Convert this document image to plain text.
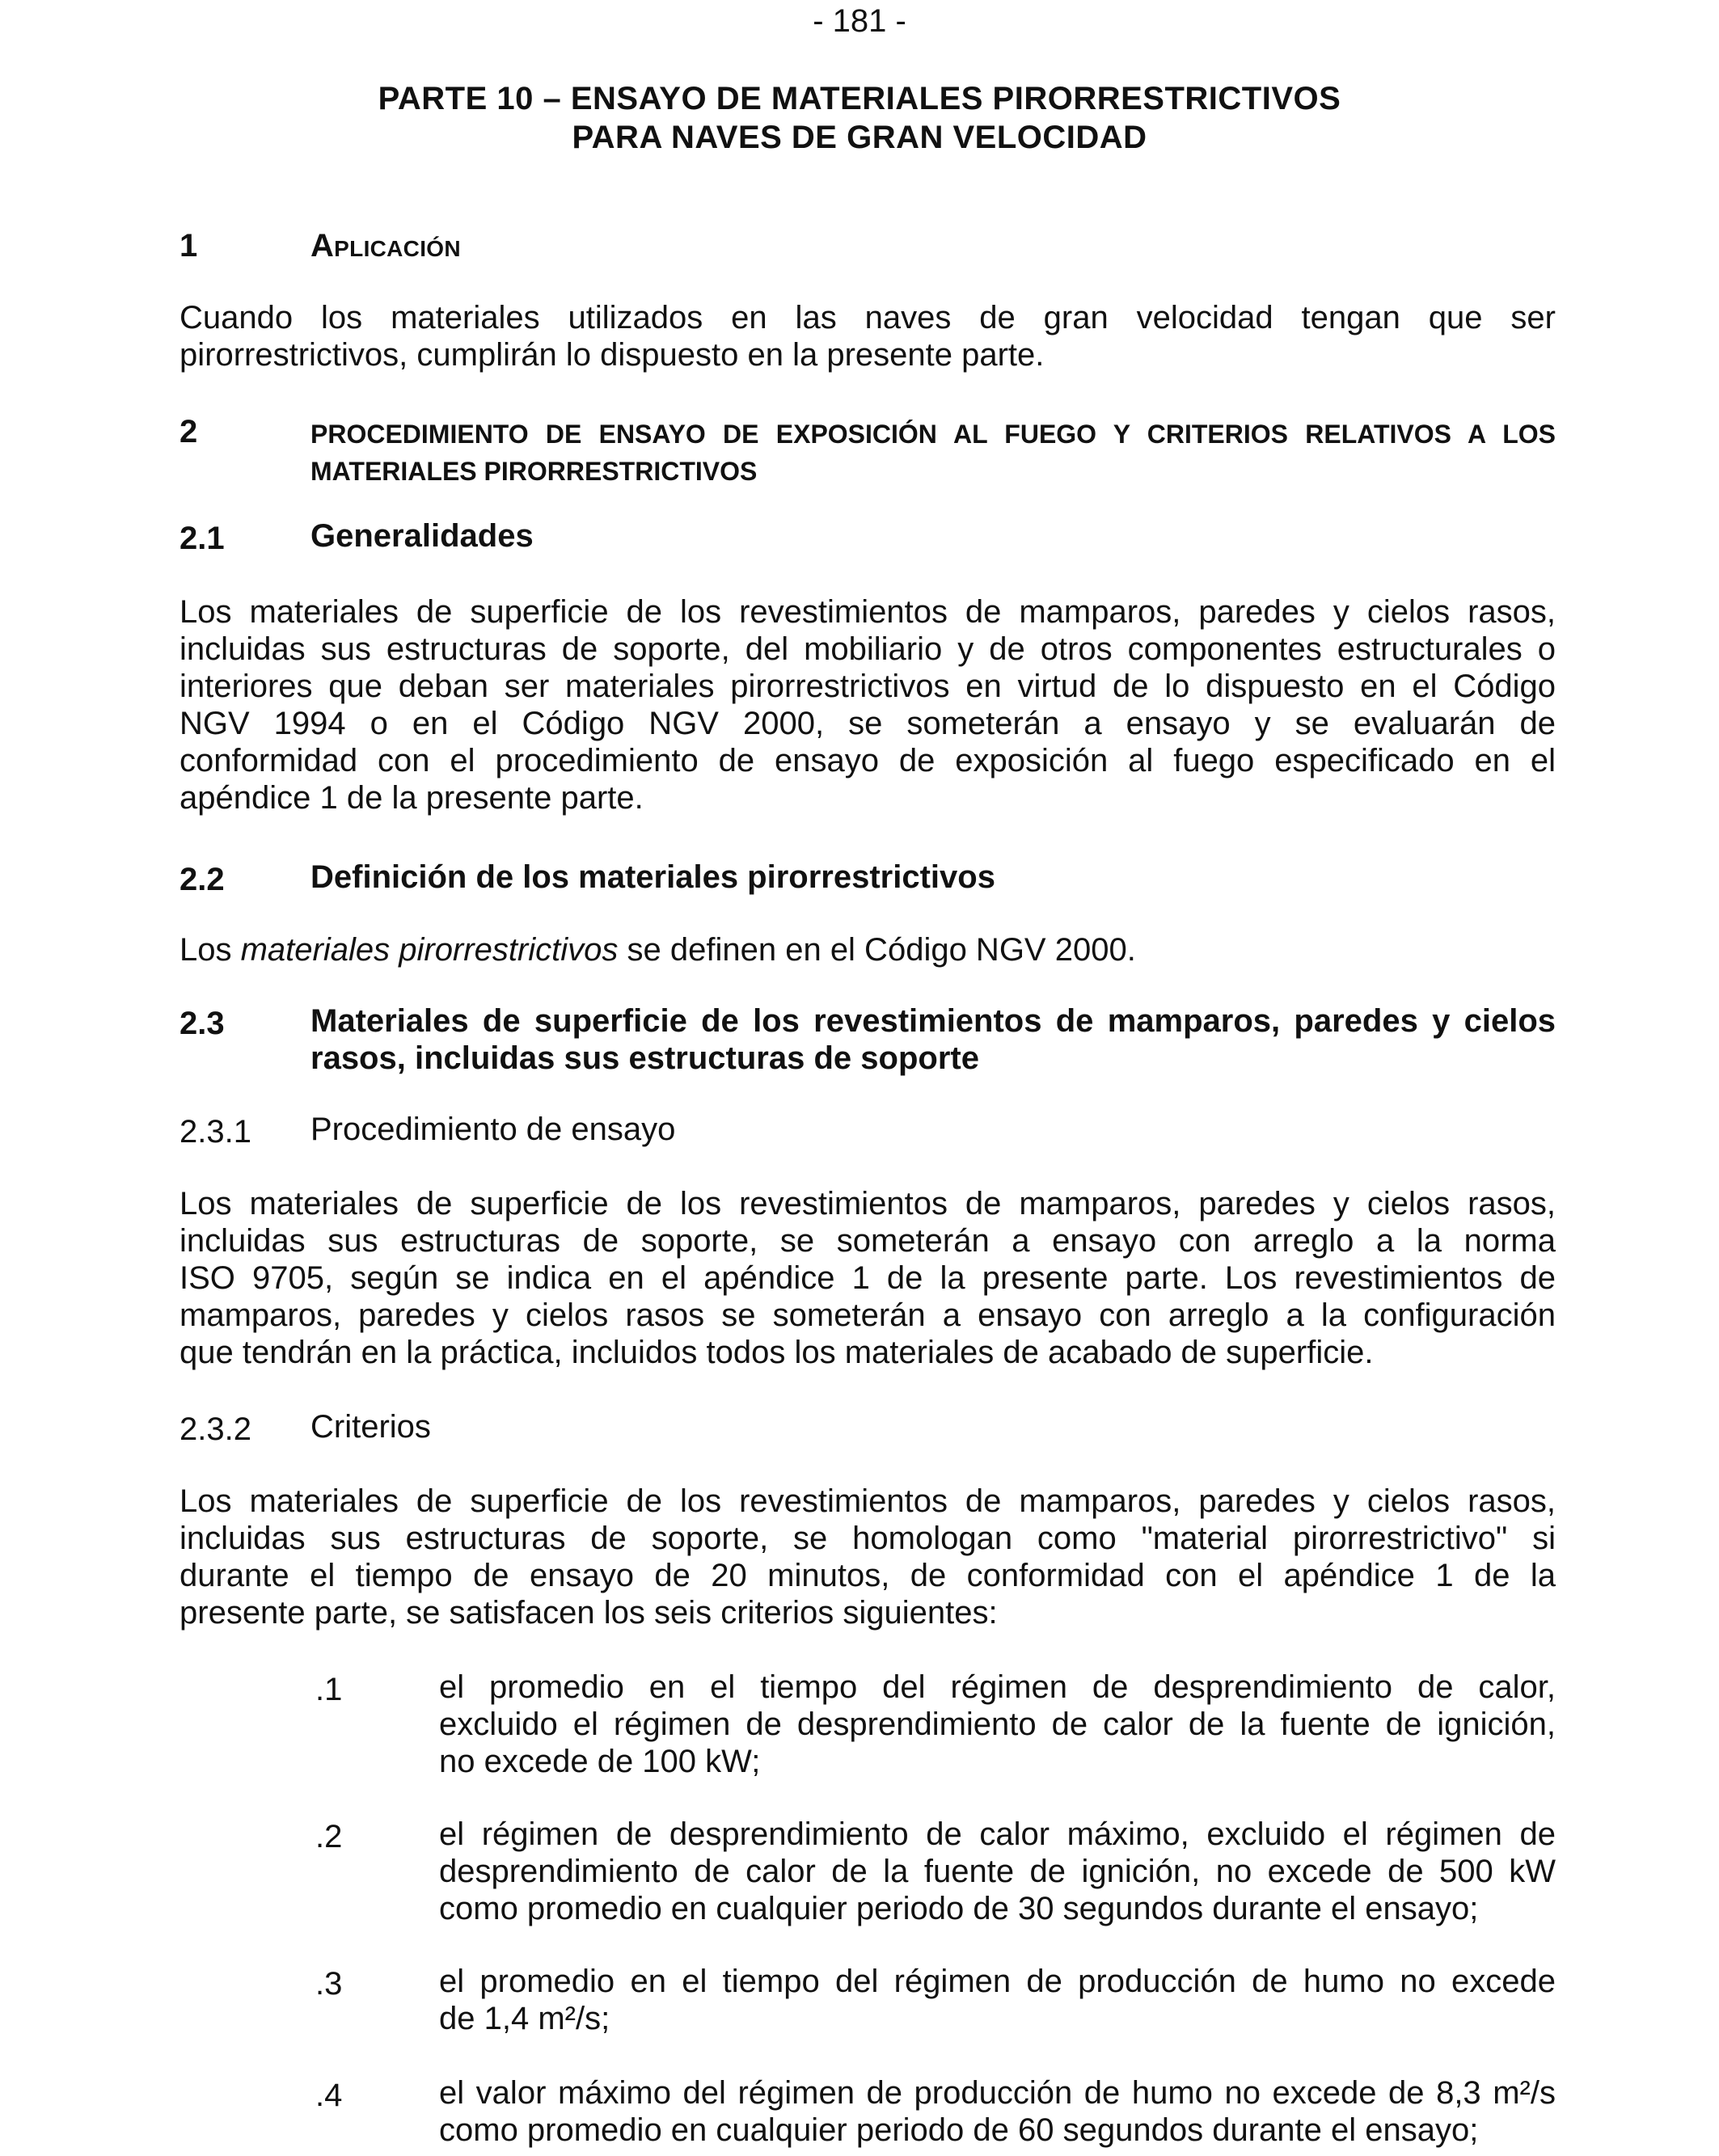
- 181 -
PARTE 10 – ENSAYO DE MATERIALES PIRORRESTRICTIVOS
PARA NAVES DE GRAN VELOCIDAD
1	Aplicación
Cuando los materiales utilizados en las naves de gran velocidad tengan que ser
pirorrestrictivos, cumplirán lo dispuesto en la presente parte.
2	PROCEDIMIENTO DE ENSAYO DE EXPOSICIÓN AL FUEGO Y CRITERIOS RELATIVOS A LOS
MATERIALES PIRORRESTRICTIVOS
2.1	Generalidades
Los materiales de superficie de los revestimientos de mamparos, paredes y cielos rasos,
incluidas sus estructuras de soporte, del mobiliario y de otros componentes estructurales o
interiores que deban ser materiales pirorrestrictivos en virtud de lo dispuesto en el Código
NGV 1994 o en el Código NGV 2000, se someterán a ensayo y se evaluarán de
conformidad con el procedimiento de ensayo de exposición al fuego especificado en el
apéndice 1 de la presente parte.
2.2	Definición de los materiales pirorrestrictivos
Los materiales pirorrestrictivos se definen en el Código NGV 2000.
2.3	Materiales de superficie de los revestimientos de mamparos, paredes y cielos
rasos, incluidas sus estructuras de soporte
2.3.1 Procedimiento de ensayo
Los materiales de superficie de los revestimientos de mamparos, paredes y cielos rasos,
incluidas sus estructuras de soporte, se someterán a ensayo con arreglo a la norma
ISO 9705, según se indica en el apéndice 1 de la presente parte. Los revestimientos de
mamparos, paredes y cielos rasos se someterán a ensayo con arreglo a la configuración
que tendrán en la práctica, incluidos todos los materiales de acabado de superficie.
2.3.2 Criterios
Los materiales de superficie de los revestimientos de mamparos, paredes y cielos rasos,
incluidas sus estructuras de soporte, se homologan como "material pirorrestrictivo" si
durante el tiempo de ensayo de 20 minutos, de conformidad con el apéndice 1 de la
presente parte, se satisfacen los seis criterios siguientes:
.1	el promedio en el tiempo del régimen de desprendimiento de calor,
excluido el régimen de desprendimiento de calor de la fuente de ignición,
no excede de 100 kW;
.2	el régimen de desprendimiento de calor máximo, excluido el régimen de
desprendimiento de calor de la fuente de ignición, no excede de 500 kW
como promedio en cualquier periodo de 30 segundos durante el ensayo;
.3	el promedio en el tiempo del régimen de producción de humo no excede
de 1,4 m²/s;
.4	el valor máximo del régimen de producción de humo no excede de 8,3 m²/s
como promedio en cualquier periodo de 60 segundos durante el ensayo;
